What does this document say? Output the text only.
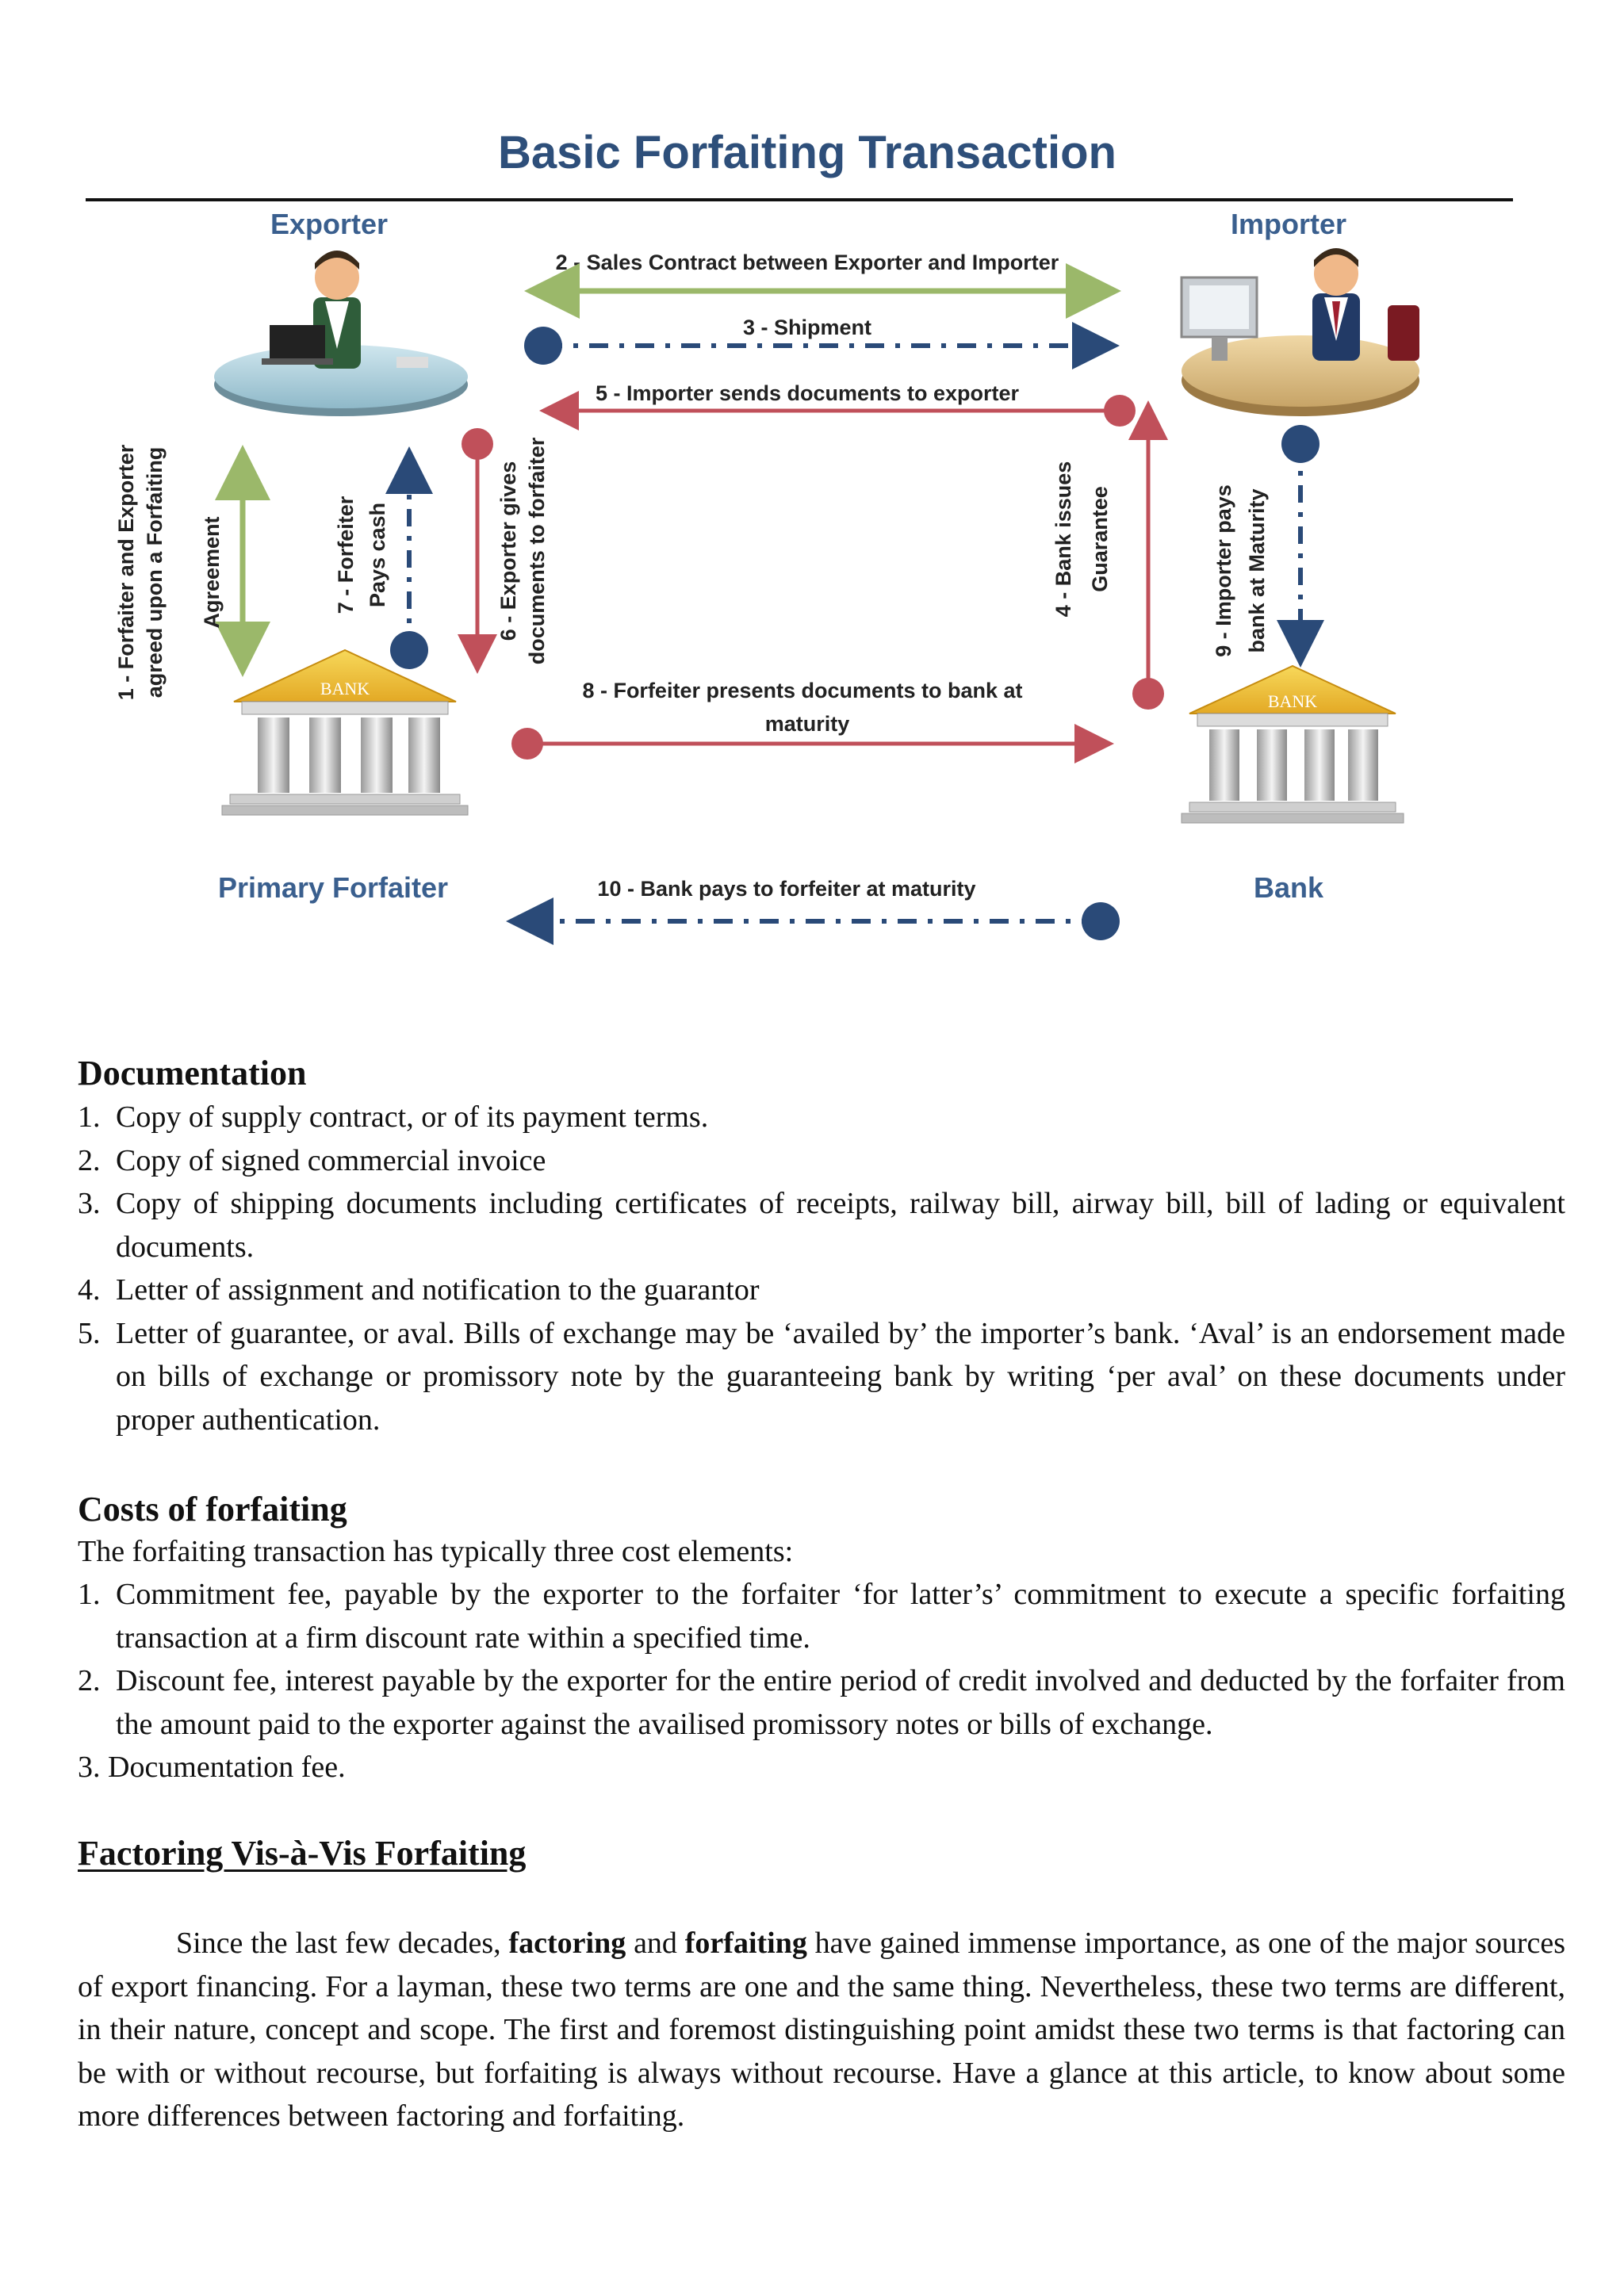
Basic Forfaiting Transaction
Exporter	Importer
Primary Forfaiter	Bank
BANK
BANK
2 - Sales Contract between Exporter and Importer
3 - Shipment
5 - Importer sends documents to exporter
1 - Forfaiter and Exporter agreed upon a Forfaiting Agreement	7 - Forfeiter Pays cash	6 - Exporter gives documents to forfaiter	4 - Bank issues Guarantee	9 - Importer pays bank at Maturity
8 - Forfeiter presents documents to bank at
maturity
10 - Bank pays to forfeiter at maturity
Documentation
1. Copy of supply contract, or of its payment terms.
2. Copy of signed commercial invoice
3. Copy of shipping documents including certificates of receipts, railway bill, airway bill, bill of lading or equivalent documents.
4. Letter of assignment and notification to the guarantor
5. Letter of guarantee, or aval. Bills of exchange may be ‘availed by’ the importer’s bank. ‘Aval’ is an endorsement made on bills of exchange or promissory note by the guaranteeing bank by writing ‘per aval’ on these documents under proper authentication.
Costs of forfaiting

The forfaiting transaction has typically three cost elements:

1. Commitment fee, payable by the exporter to the forfaiter ‘for latter’s’ commitment to execute a specific forfaiting transaction at a firm discount rate within a specified time.
2. Discount fee, interest payable by the exporter for the entire period of credit involved and deducted by the forfaiter from the amount paid to the exporter against the availised promissory notes or bills of exchange.

3. Documentation fee.

Factoring Vis-à-Vis Forfaiting

Since the last few decades, factoring and forfaiting have gained immense importance, as one of the major sources of export financing. For a layman, these two terms are one and the same thing. Nevertheless, these two terms are different, in their nature, concept and scope. The first and foremost distinguishing point amidst these two terms is that factoring can be with or without recourse, but forfaiting is always without recourse. Have a glance at this article, to know about some more differences between factoring and forfaiting.
